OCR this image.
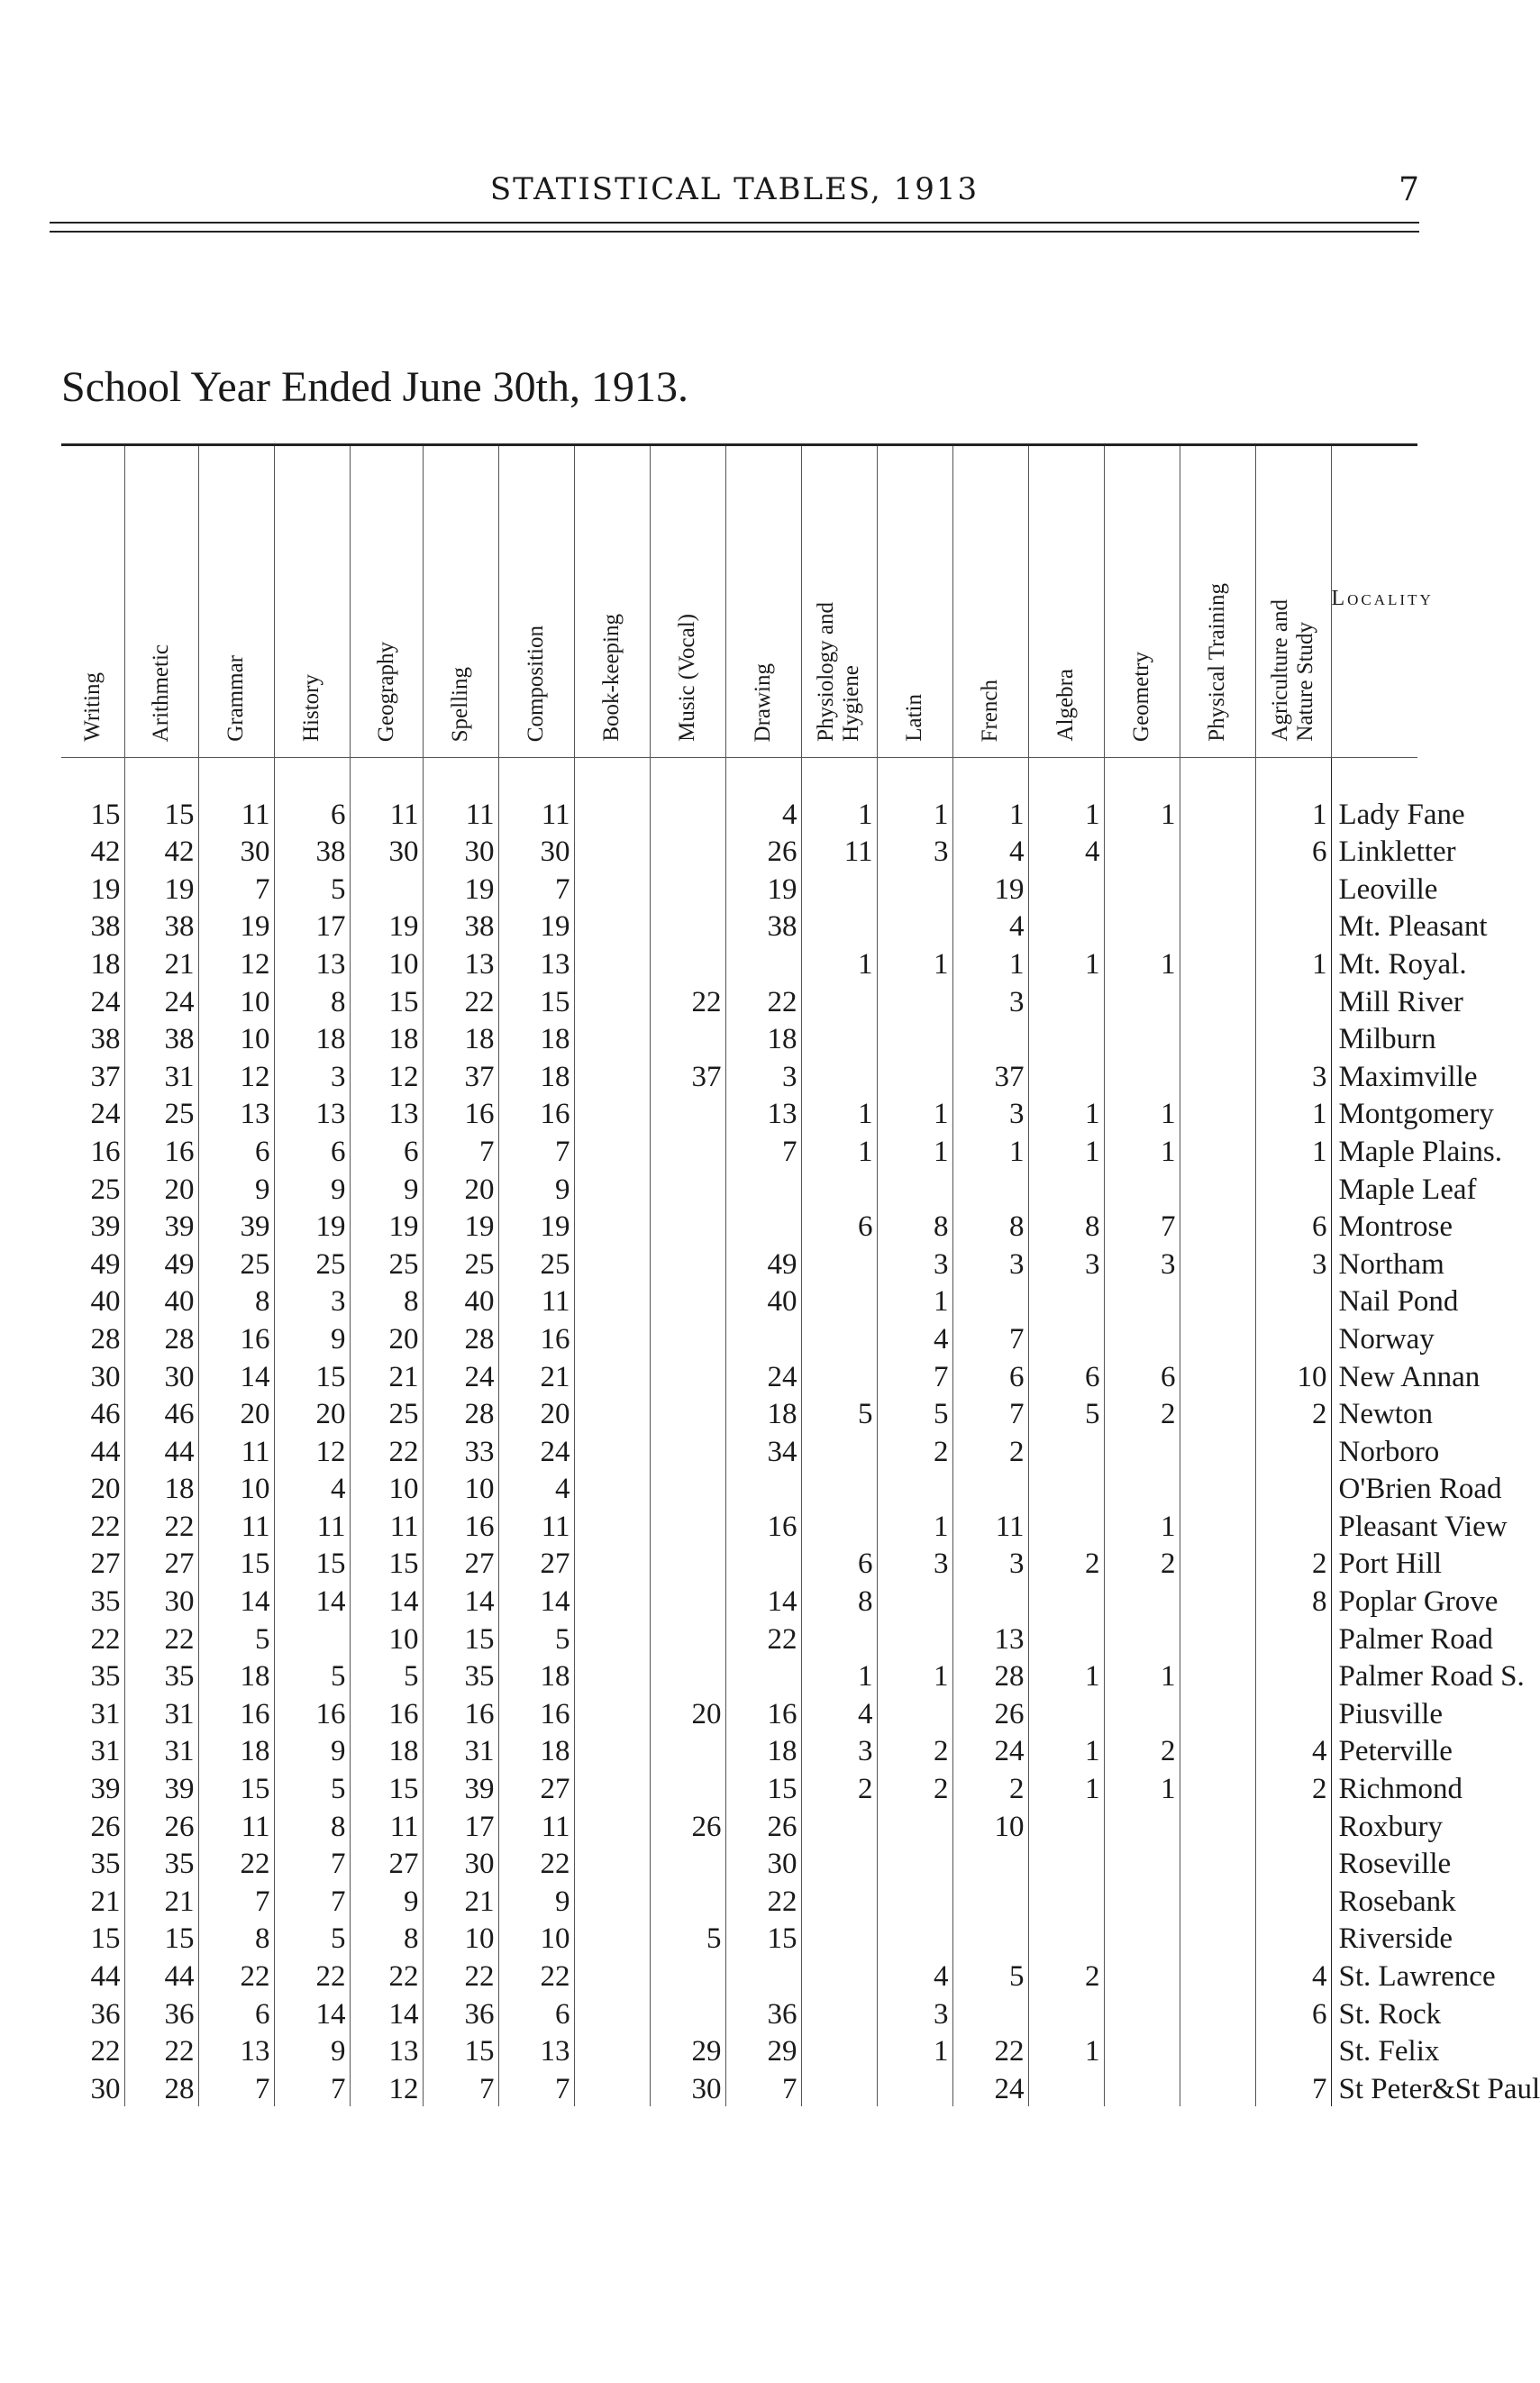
STATISTICAL TABLES, 1913	7
School Year Ended June 30th, 1913.
Writing	Arithmetic	Grammar	History	Geography	Spelling	Composition	Book-keeping	Music (Vocal)	Drawing	Physiology and
Hygiene	Latin	French	Algebra	Geometry	Physical Training	Agriculture and
Nature Study	Locality
15	15	11	6	11	11	11			4	1	1	1	1	1		1	Lady Fane
42	42	30	38	30	30	30			26	11	3	4	4			6	Linkletter
19	19	7	5		19	7			19			19					Leoville
38	38	19	17	19	38	19			38			4					Mt. Pleasant
18	21	12	13	10	13	13				1	1	1	1	1		1	Mt. Royal.
24	24	10	8	15	22	15		22	22			3					Mill River
38	38	10	18	18	18	18			18								Milburn
37	31	12	3	12	37	18		37	3			37				3	Maximville
24	25	13	13	13	16	16			13	1	1	3	1	1		1	Montgomery
16	16	6	6	6	7	7			7	1	1	1	1	1		1	Maple Plains.
25	20	9	9	9	20	9											Maple Leaf
39	39	39	19	19	19	19				6	8	8	8	7		6	Montrose
49	49	25	25	25	25	25			49		3	3	3	3		3	Northam
40	40	8	3	8	40	11			40		1						Nail Pond
28	28	16	9	20	28	16					4	7					Norway
30	30	14	15	21	24	21			24		7	6	6	6		10	New Annan
46	46	20	20	25	28	20			18	5	5	7	5	2		2	Newton
44	44	11	12	22	33	24			34		2	2					Norboro
20	18	10	4	10	10	4											O'Brien Road
22	22	11	11	11	16	11			16		1	11		1			Pleasant View
27	27	15	15	15	27	27				6	3	3	2	2		2	Port Hill
35	30	14	14	14	14	14			14	8						8	Poplar Grove
22	22	5		10	15	5			22			13					Palmer Road
35	35	18	5	5	35	18				1	1	28	1	1			Palmer Road S.
31	31	16	16	16	16	16		20	16	4		26					Piusville
31	31	18	9	18	31	18			18	3	2	24	1	2		4	Peterville
39	39	15	5	15	39	27			15	2	2	2	1	1		2	Richmond
26	26	11	8	11	17	11		26	26			10					Roxbury
35	35	22	7	27	30	22			30								Roseville
21	21	7	7	9	21	9			22								Rosebank
15	15	8	5	8	10	10		5	15								Riverside
44	44	22	22	22	22	22					4	5	2			4	St. Lawrence
36	36	6	14	14	36	6			36		3					6	St. Rock
22	22	13	9	13	15	13		29	29		1	22	1				St. Felix
30	28	7	7	12	7	7		30	7			24				7	St Peter&St Paul
